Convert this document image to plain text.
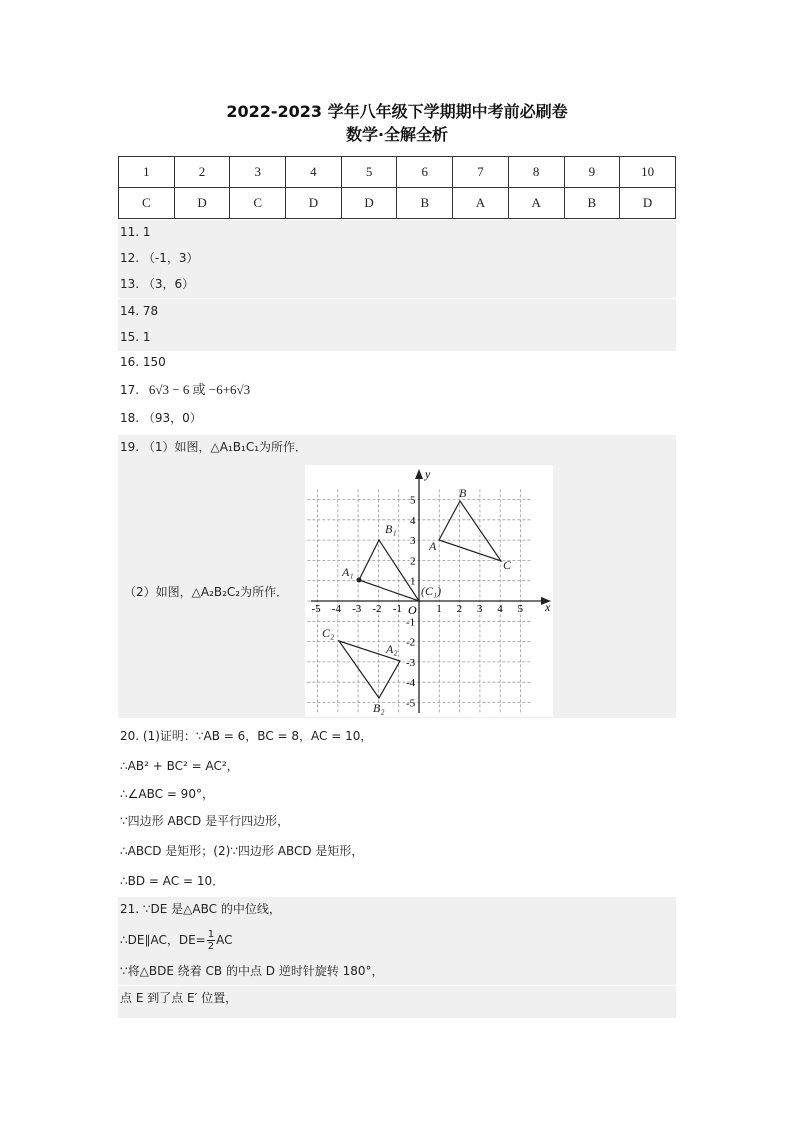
2022-2023 学年八年级下学期期中考前必刷卷
数学·全解全析
1	2	3	4	5	6	7	8	9	10
C	D	C	D	D	B	A	A	B	D
11. 1
12. （-1，3）
13. （3，6）
14. 78
15. 1
16. 150
17. 6√3 − 6 或 −6+6√3
18. （93，0）
19. （1）如图，△A₁B₁C₁为所作．
（2）如图，△A₂B₂C₂为所作．
x
y
O
-5 -4 -3 -2 -1	1 2 3 4 5
5
4
3
2
1
-1
-2
-3
-4
-5
B
A
C
B₁
A₁
(C₁)
C₂
A₂
B₂
20. (1)证明：∵AB = 6，BC = 8，AC = 10，
∴AB² + BC² = AC²，
∴∠ABC = 90°，
∵四边形 ABCD 是平行四边形，
∴ABCD 是矩形；(2)∵四边形 ABCD 是矩形，
∴BD = AC = 10．
21. ∵DE 是△ABC 的中位线，
∴DE∥AC，$DE= \frac{1}{2}$ AC
∵将△BDE 绕着 CB 的中点 D 逆时针旋转 180°，
点 E 到了点 E′ 位置，
